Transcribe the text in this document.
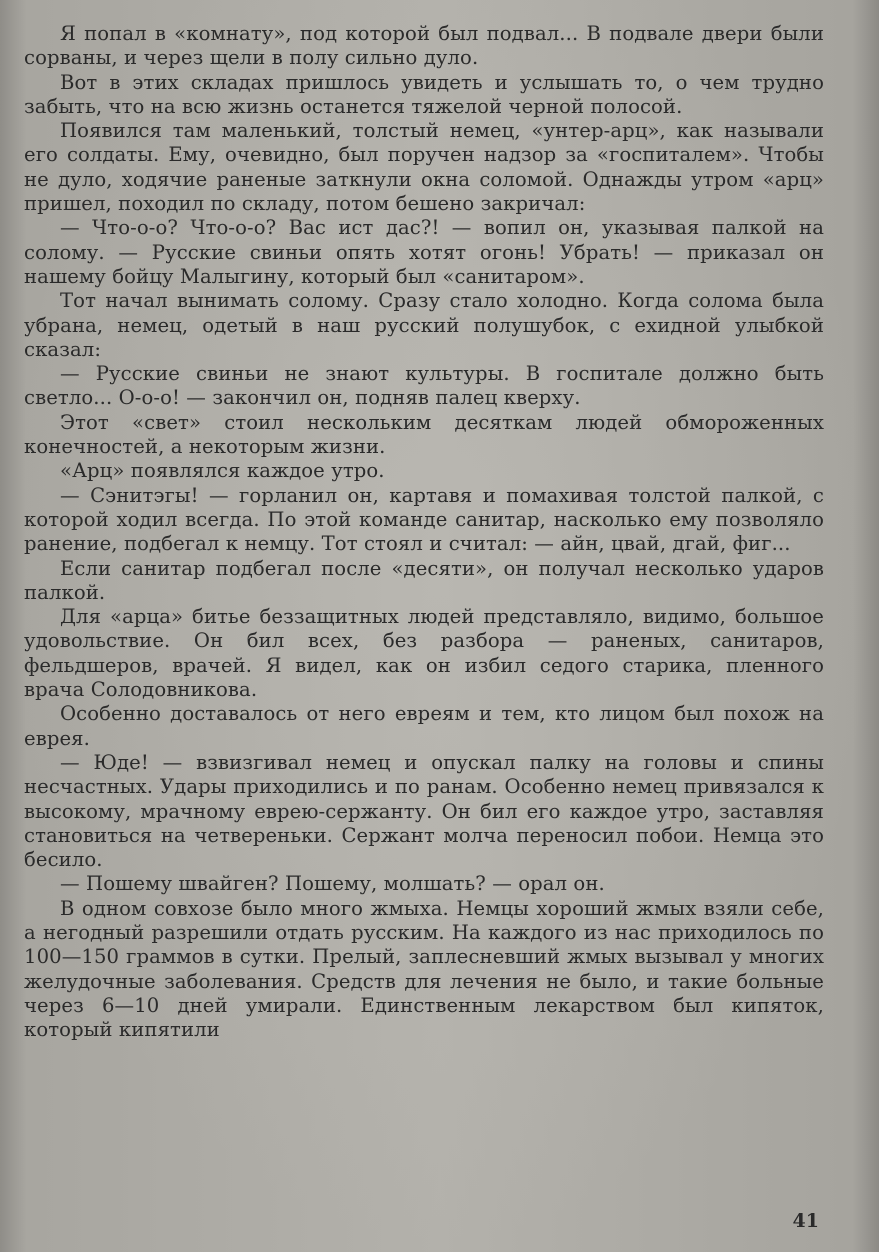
Я попал в «комнату», под которой был подвал... В подвале двери были сорваны, и через щели в полу сильно дуло.

Вот в этих складах пришлось увидеть и услышать то, о чем трудно забыть, что на всю жизнь останется тяжелой черной полосой.

Появился там маленький, толстый немец, «унтер-арц», как называли его солдаты. Ему, очевидно, был поручен надзор за «госпиталем». Чтобы не дуло, ходячие раненые заткнули окна соломой. Однажды утром «арц» пришел, походил по складу, потом бешено закричал:

— Что-о-о? Что-о-о? Вас ист дас?! — вопил он, указывая палкой на солому. — Русские свиньи опять хотят огонь! Убрать! — приказал он нашему бойцу Малыгину, который был «санитаром».

Тот начал вынимать солому. Сразу стало холодно. Когда солома была убрана, немец, одетый в наш русский полушубок, с ехидной улыбкой сказал:

— Русские свиньи не знают культуры. В госпитале должно быть светло... О-о-о! — закончил он, подняв палец кверху.

Этот «свет» стоил нескольким десяткам людей обмороженных конечностей, а некоторым жизни.

«Арц» появлялся каждое утро.

— Сэнитэгы! — горланил он, картавя и помахивая толстой палкой, с которой ходил всегда. По этой команде санитар, насколько ему позволяло ранение, подбегал к немцу. Тот стоял и считал: — айн, цвай, дгай, фиг...

Если санитар подбегал после «десяти», он получал несколько ударов палкой.

Для «арца» битье беззащитных людей представляло, видимо, большое удовольствие. Он бил всех, без разбора — раненых, санитаров, фельдшеров, врачей. Я видел, как он избил седого старика, пленного врача Солодовникова.

Особенно доставалось от него евреям и тем, кто лицом был похож на еврея.

— Юде! — взвизгивал немец и опускал палку на головы и спины несчастных. Удары приходились и по ранам. Особенно немец привязался к высокому, мрачному еврею-сержанту. Он бил его каждое утро, заставляя становиться на четвереньки. Сержант молча переносил побои. Немца это бесило.

— Пошему швайген? Пошему, молшать? — орал он.

В одном совхозе было много жмыха. Немцы хороший жмых взяли себе, а негодный разрешили отдать русским. На каждого из нас приходилось по 100—150 граммов в сутки. Прелый, заплесневший жмых вызывал у многих желудочные заболевания. Средств для лечения не было, и такие больные через 6—10 дней умирали. Единственным лекарством был кипяток, который кипятили

41
